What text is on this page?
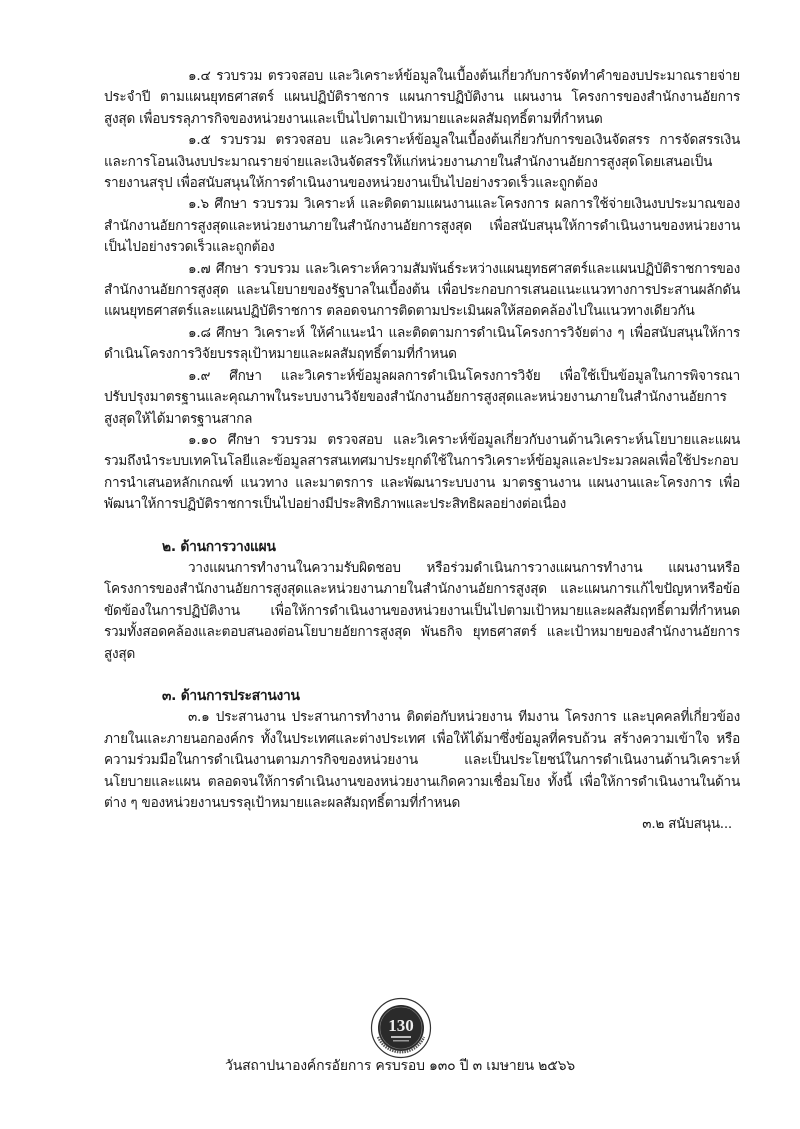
๑.๔ รวบรวม ตรวจสอบ และวิเคราะห์ข้อมูลในเบื้องต้นเกี่ยวกับการจัดทำคำของบประมาณรายจ่ายประจำปี ตามแผนยุทธศาสตร์ แผนปฏิบัติราชการ แผนการปฏิบัติงาน แผนงาน โครงการของสำนักงานอัยการสูงสุด เพื่อบรรลุภารกิจของหน่วยงานและเป็นไปตามเป้าหมายและผลสัมฤทธิ์ตามที่กำหนด

๑.๕ รวบรวม ตรวจสอบ และวิเคราะห์ข้อมูลในเบื้องต้นเกี่ยวกับการขอเงินจัดสรร การจัดสรรเงินและการโอนเงินงบประมาณรายจ่ายและเงินจัดสรรให้แก่หน่วยงานภายในสำนักงานอัยการสูงสุดโดยเสนอเป็นรายงานสรุป เพื่อสนับสนุนให้การดำเนินงานของหน่วยงานเป็นไปอย่างรวดเร็วและถูกต้อง

๑.๖ ศึกษา รวบรวม วิเคราะห์ และติดตามแผนงานและโครงการ ผลการใช้จ่ายเงินงบประมาณของสำนักงานอัยการสูงสุดและหน่วยงานภายในสำนักงานอัยการสูงสุด เพื่อสนับสนุนให้การดำเนินงานของหน่วยงานเป็นไปอย่างรวดเร็วและถูกต้อง

๑.๗ ศึกษา รวบรวม และวิเคราะห์ความสัมพันธ์ระหว่างแผนยุทธศาสตร์และแผนปฏิบัติราชการของสำนักงานอัยการสูงสุด และนโยบายของรัฐบาลในเบื้องต้น เพื่อประกอบการเสนอแนะแนวทางการประสานผลักดันแผนยุทธศาสตร์และแผนปฏิบัติราชการ ตลอดจนการติดตามประเมินผลให้สอดคล้องไปในแนวทางเดียวกัน

๑.๘ ศึกษา วิเคราะห์ ให้คำแนะนำ และติดตามการดำเนินโครงการวิจัยต่าง ๆ เพื่อสนับสนุนให้การดำเนินโครงการวิจัยบรรลุเป้าหมายและผลสัมฤทธิ์ตามที่กำหนด

๑.๙ ศึกษา และวิเคราะห์ข้อมูลผลการดำเนินโครงการวิจัย เพื่อใช้เป็นข้อมูลในการพิจารณาปรับปรุงมาตรฐานและคุณภาพในระบบงานวิจัยของสำนักงานอัยการสูงสุดและหน่วยงานภายในสำนักงานอัยการสูงสุดให้ได้มาตรฐานสากล

๑.๑๐ ศึกษา รวบรวม ตรวจสอบ และวิเคราะห์ข้อมูลเกี่ยวกับงานด้านวิเคราะห์นโยบายและแผน รวมถึงนำระบบเทคโนโลยีและข้อมูลสารสนเทศมาประยุกต์ใช้ในการวิเคราะห์ข้อมูลและประมวลผลเพื่อใช้ประกอบการนำเสนอหลักเกณฑ์ แนวทาง และมาตรการ และพัฒนาระบบงาน มาตรฐานงาน แผนงานและโครงการ เพื่อพัฒนาให้การปฏิบัติราชการเป็นไปอย่างมีประสิทธิภาพและประสิทธิผลอย่างต่อเนื่อง

๒. ด้านการวางแผน

วางแผนการทำงานในความรับผิดชอบ หรือร่วมดำเนินการวางแผนการทำงาน แผนงานหรือโครงการของสำนักงานอัยการสูงสุดและหน่วยงานภายในสำนักงานอัยการสูงสุด และแผนการแก้ไขปัญหาหรือข้อขัดข้องในการปฏิบัติงาน เพื่อให้การดำเนินงานของหน่วยงานเป็นไปตามเป้าหมายและผลสัมฤทธิ์ตามที่กำหนด รวมทั้งสอดคล้องและตอบสนองต่อนโยบายอัยการสูงสุด พันธกิจ ยุทธศาสตร์ และเป้าหมายของสำนักงานอัยการสูงสุด

๓. ด้านการประสานงาน

๓.๑ ประสานงาน ประสานการทำงาน ติดต่อกับหน่วยงาน ทีมงาน โครงการ และบุคคลที่เกี่ยวข้องภายในและภายนอกองค์กร ทั้งในประเทศและต่างประเทศ เพื่อให้ได้มาซึ่งข้อมูลที่ครบถ้วน สร้างความเข้าใจ หรือความร่วมมือในการดำเนินงานตามภารกิจของหน่วยงาน และเป็นประโยชน์ในการดำเนินงานด้านวิเคราะห์นโยบายและแผน ตลอดจนให้การดำเนินงานของหน่วยงานเกิดความเชื่อมโยง ทั้งนี้ เพื่อให้การดำเนินงานในด้านต่าง ๆ ของหน่วยงานบรรลุเป้าหมายและผลสัมฤทธิ์ตามที่กำหนด

๓.๒ สนับสนุน...

130
วันสถาปนาองค์กรอัยการ ครบรอบ ๑๓๐ ปี ๓ เมษายน ๒๕๖๖
